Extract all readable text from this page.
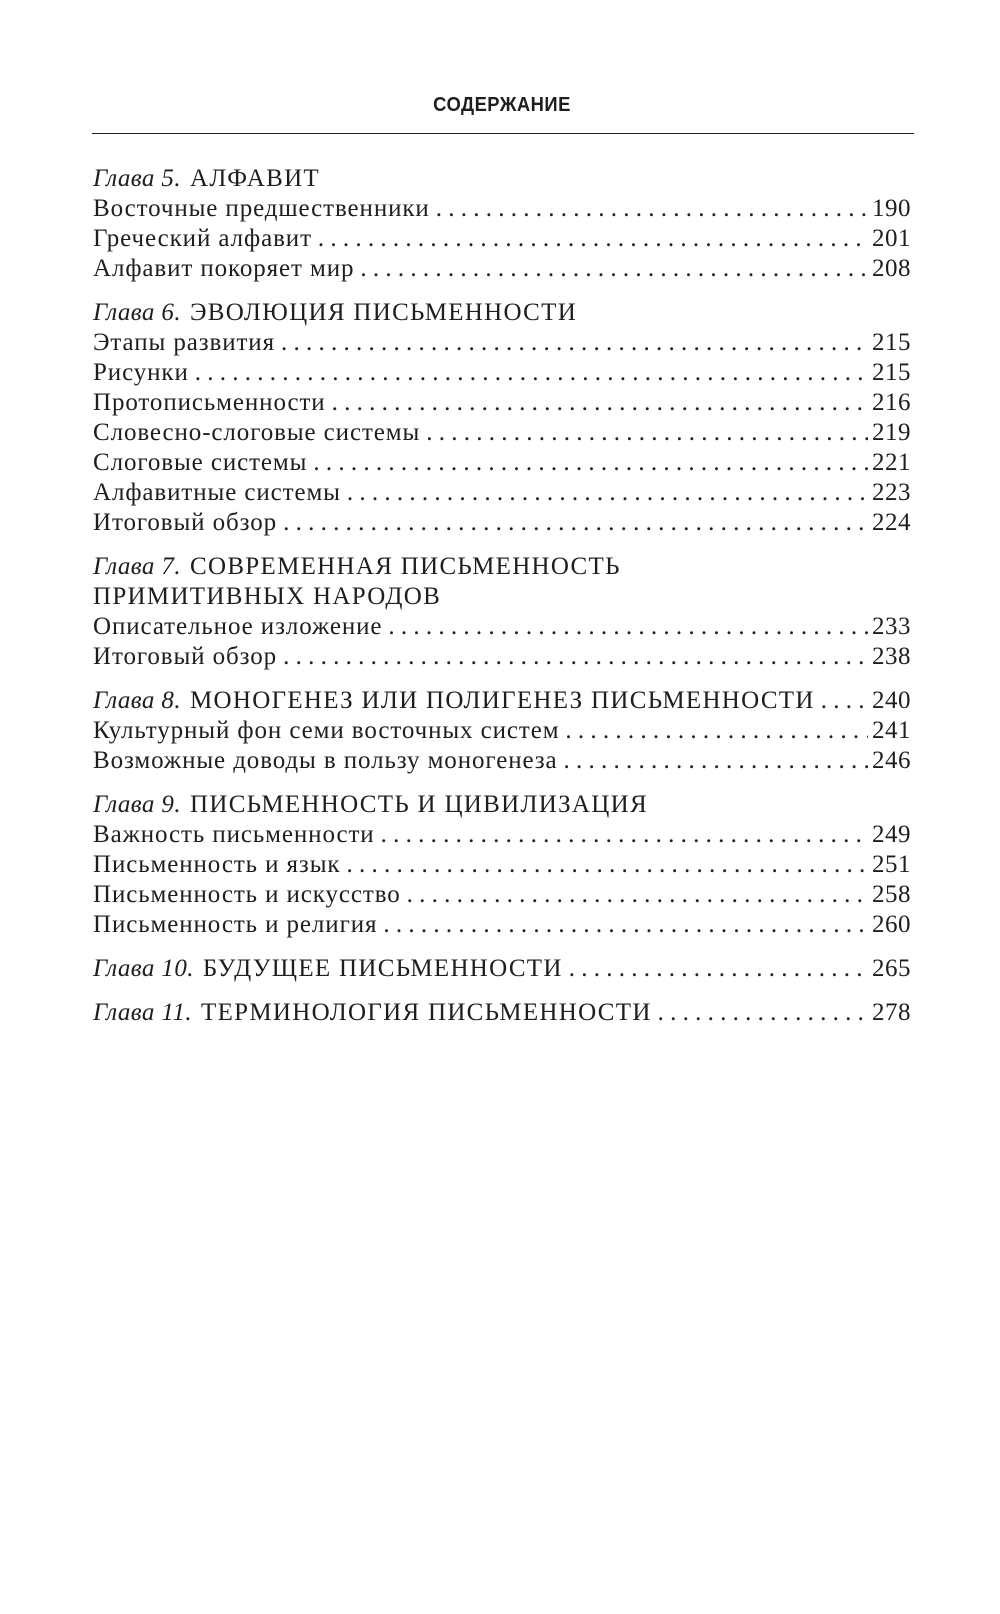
СОДЕРЖАНИЕ
Глава 5. АЛФАВИТ
Восточные предшественники . . .	190
Греческий алфавит . . .	201
Алфавит покоряет мир . . .	208
Глава 6. ЭВОЛЮЦИЯ ПИСЬМЕННОСТИ
Этапы развития . . .	215
Рисунки . . .	215
Протописьменности . . .	216
Словесно-слоговые системы . . .	219
Слоговые системы . . .	221
Алфавитные системы . . .	223
Итоговый обзор . . .	224
Глава 7. СОВРЕМЕННАЯ ПИСЬМЕННОСТЬ
ПРИМИТИВНЫХ НАРОДОВ
Описательное изложение . . .	233
Итоговый обзор . . .	238
Глава 8. МОНОГЕНЕЗ ИЛИ ПОЛИГЕНЕЗ ПИСЬМЕННОСТИ . . . 240
Культурный фон семи восточных систем . . .	241
Возможные доводы в пользу моногенеза . . .	246
Глава 9. ПИСЬМЕННОСТЬ И ЦИВИЛИЗАЦИЯ
Важность письменности . . .	249
Письменность и язык . . .	251
Письменность и искусство . . .	258
Письменность и религия . . .	260
Глава 10. БУДУЩЕЕ ПИСЬМЕННОСТИ . . .	265
Глава 11. ТЕРМИНОЛОГИЯ ПИСЬМЕННОСТИ . . .	278
